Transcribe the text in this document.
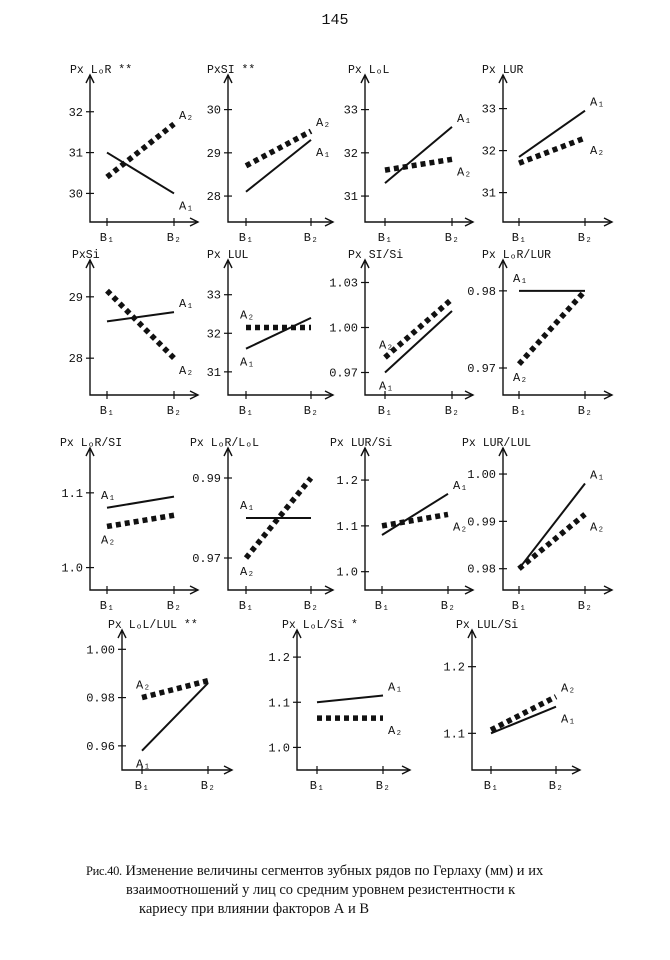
145
Px LₒR **
30
31
32
B₁	B₂
A₁
A₂
PxSI **
28
29
30
B₁	B₂
A₁
A₂
Px LₒL
31
32
33
B₁	B₂
A₁
A₂
Px LUR
31
32
33
B₁	B₂
A₁
A₂
PxSi
28
29
B₁	B₂
A₁
A₂
Px LUL
31
32
33
B₁	B₂
A₁
A₂
Px SI/Si
0.97
1.00
1.03
B₁	B₂
A₁
A₂
Px LₒR/LUR
0.97
0.98
B₁	B₂
A₁
A₂
Px LₒR/SI
1.0
1.1
B₁	B₂
A₁
A₂
Px LₒR/LₒL
0.97
0.99
B₁	B₂
A₁
A₂
Px LUR/Si
1.0
1.1
1.2
B₁	B₂
A₁
A₂
Px LUR/LUL
0.98
0.99
1.00
B₁	B₂
A₁
A₂
Px LₒL/LUL **
0.96
0.98
1.00
B₁	B₂
A₁
A₂
Px LₒL/Si *
1.0
1.1
1.2
B₁	B₂
A₁
A₂
Px LUL/Si
1.1
1.2
B₁	B₂
A₁
A₂
Рис.40. Изменение величины сегментов зубных рядов по Герлаху (мм) и их
взаимоотношений у лиц со средним уровнем резистентности к
кариесу при влиянии факторов А и В
